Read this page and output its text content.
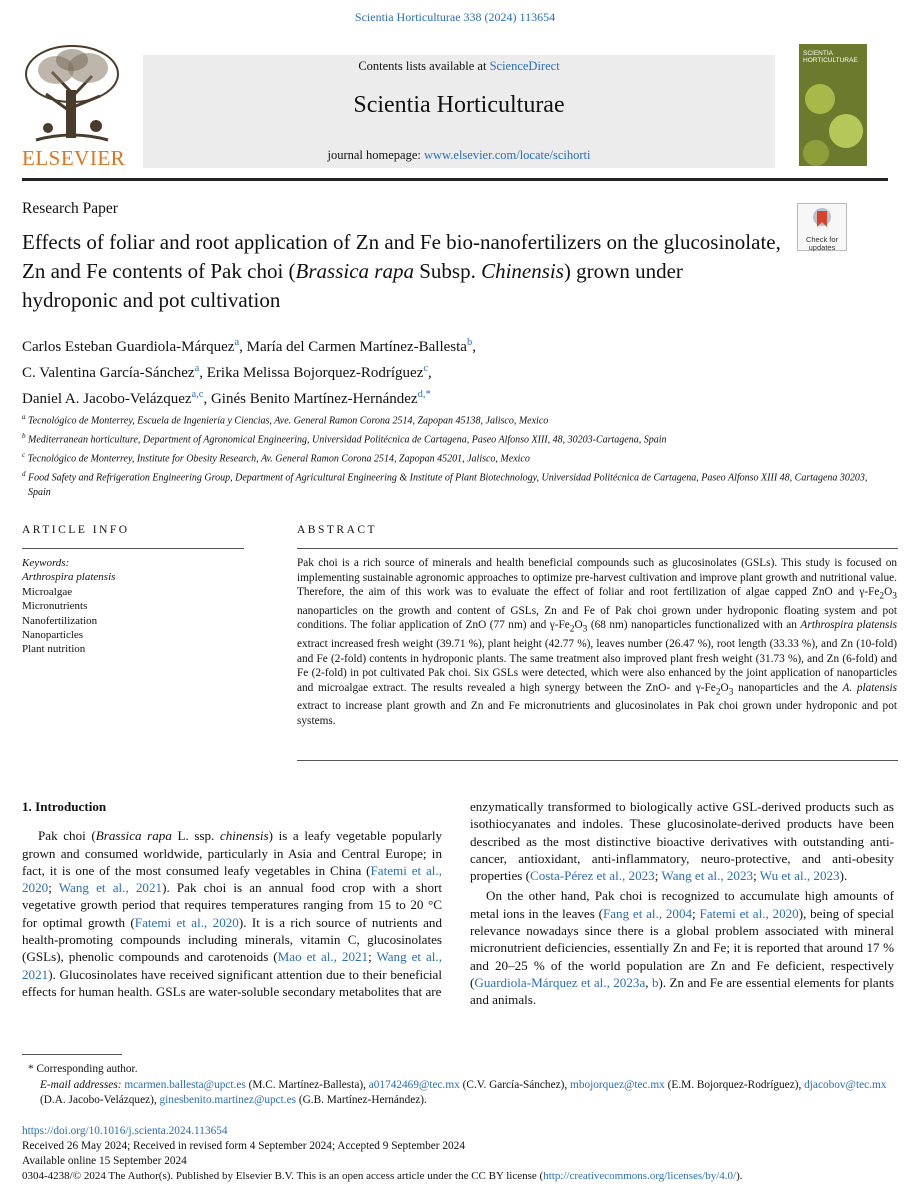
Scientia Horticulturae 338 (2024) 113654
ELSEVIER
Contents lists available at ScienceDirect
Scientia Horticulturae
journal homepage: www.elsevier.com/locate/scihorti
SCIENTIA HORTICULTURAE
Research Paper
Effects of foliar and root application of Zn and Fe bio-nanofertilizers on the glucosinolate, Zn and Fe contents of Pak choi (Brassica rapa Subsp. Chinensis) grown under hydroponic and pot cultivation
Check for
updates
Carlos Esteban Guardiola-Márquez$^a$, María del Carmen Martínez-Ballesta$^b$,
C. Valentina García-Sánchez$^a$, Erika Melissa Bojorquez-Rodríguez$^c$,
Daniel A. Jacobo-Velázquez$^{a,c}$, Ginés Benito Martínez-Hernández$^{d,*}$
$^a$ Tecnológico de Monterrey, Escuela de Ingeniería y Ciencias, Ave. General Ramon Corona 2514, Zapopan 45138, Jalisco, Mexico
$^b$ Mediterranean horticulture, Department of Agronomical Engineering, Universidad Politécnica de Cartagena, Paseo Alfonso XIII, 48, 30203-Cartagena, Spain
$^c$ Tecnológico de Monterrey, Institute for Obesity Research, Av. General Ramon Corona 2514, Zapopan 45201, Jalisco, Mexico
$^d$ Food Safety and Refrigeration Engineering Group, Department of Agricultural Engineering & Institute of Plant Biotechnology, Universidad Politécnica de Cartagena, Paseo Alfonso XIII 48, Cartagena 30203, Spain
ARTICLE INFO	ABSTRACT
Keywords:
Arthrospira platensis
Microalgae
Micronutrients
Nanofertilization
Nanoparticles
Plant nutrition
Pak choi is a rich source of minerals and health beneficial compounds such as glucosinolates (GSLs). This study is focused on implementing sustainable agronomic approaches to optimize pre-harvest cultivation and improve plant growth and nutritional value. Therefore, the aim of this work was to evaluate the effect of foliar and root fertilization of algae capped ZnO and $\gamma-Fe_2O_3$ nanoparticles on the growth and content of GSLs, Zn and Fe of Pak choi grown under hydroponic floating system and pot conditions. The foliar application of ZnO (77 nm) and $\gamma-Fe_2O_3$ (68 nm) nanoparticles functionalized with an Arthrospira platensis extract increased fresh weight (39.71 %), plant height (42.77 %), leaves number (26.47 %), root length (33.33 %), and Zn (10-fold) and Fe (2-fold) contents in hydroponic plants. The same treatment also improved plant fresh weight (31.73 %), and Zn (6-fold) and Fe (2-fold) in pot cultivated Pak choi. Six GSLs were detected, which were also enhanced by the joint application of nanoparticles and microalgae extract. The results revealed a high synergy between the ZnO- and $\gamma-Fe_2O_3$ nanoparticles and the A. platensis extract to increase plant growth and Zn and Fe micronutrients and glucosinolates in Pak choi grown under hydroponic and pot systems.
1. Introduction

Pak choi (Brassica rapa L. ssp. chinensis) is a leafy vegetable popularly grown and consumed worldwide, particularly in Asia and Central Europe; in fact, it is one of the most consumed leafy vegetables in China (Fatemi et al., 2020; Wang et al., 2021). Pak choi is an annual food crop with a short vegetative growth period that requires temperatures ranging from 15 to 20 °C for optimal growth (Fatemi et al., 2020). It is a rich source of nutrients and health-promoting compounds including minerals, vitamin C, glucosinolates (GSLs), phenolic compounds and carotenoids (Mao et al., 2021; Wang et al., 2021). Glucosinolates have received significant attention due to their beneficial effects for human health. GSLs are water-soluble secondary metabolites that are

enzymatically transformed to biologically active GSL-derived products such as isothiocyanates and indoles. These glucosinolate-derived products have been described as the most distinctive bioactive derivatives with outstanding anti-cancer, antioxidant, anti-inflammatory, neuro-protective, and anti-obesity properties (Costa-Pérez et al., 2023; Wang et al., 2023; Wu et al., 2023).

On the other hand, Pak choi is recognized to accumulate high amounts of metal ions in the leaves (Fang et al., 2004; Fatemi et al., 2020), being of special relevance nowadays since there is a global problem associated with mineral micronutrient deficiencies, essentially Zn and Fe; it is reported that around 17 % and 20–25 % of the world population are Zn and Fe deficient, respectively (Guardiola-Márquez et al., 2023a, b). Zn and Fe are essential elements for plants and animals.

* Corresponding author.
E-mail addresses: mcarmen.ballesta@upct.es (M.C. Martínez-Ballesta), a01742469@tec.mx (C.V. García-Sánchez), mbojorquez@tec.mx (E.M. Bojorquez-Rodríguez), djacobov@tec.mx (D.A. Jacobo-Velázquez), ginesbenito.martinez@upct.es (G.B. Martínez-Hernández).
https://doi.org/10.1016/j.scienta.2024.113654
Received 26 May 2024; Received in revised form 4 September 2024; Accepted 9 September 2024
Available online 15 September 2024
0304-4238/© 2024 The Author(s). Published by Elsevier B.V. This is an open access article under the CC BY license (http://creativecommons.org/licenses/by/4.0/).
